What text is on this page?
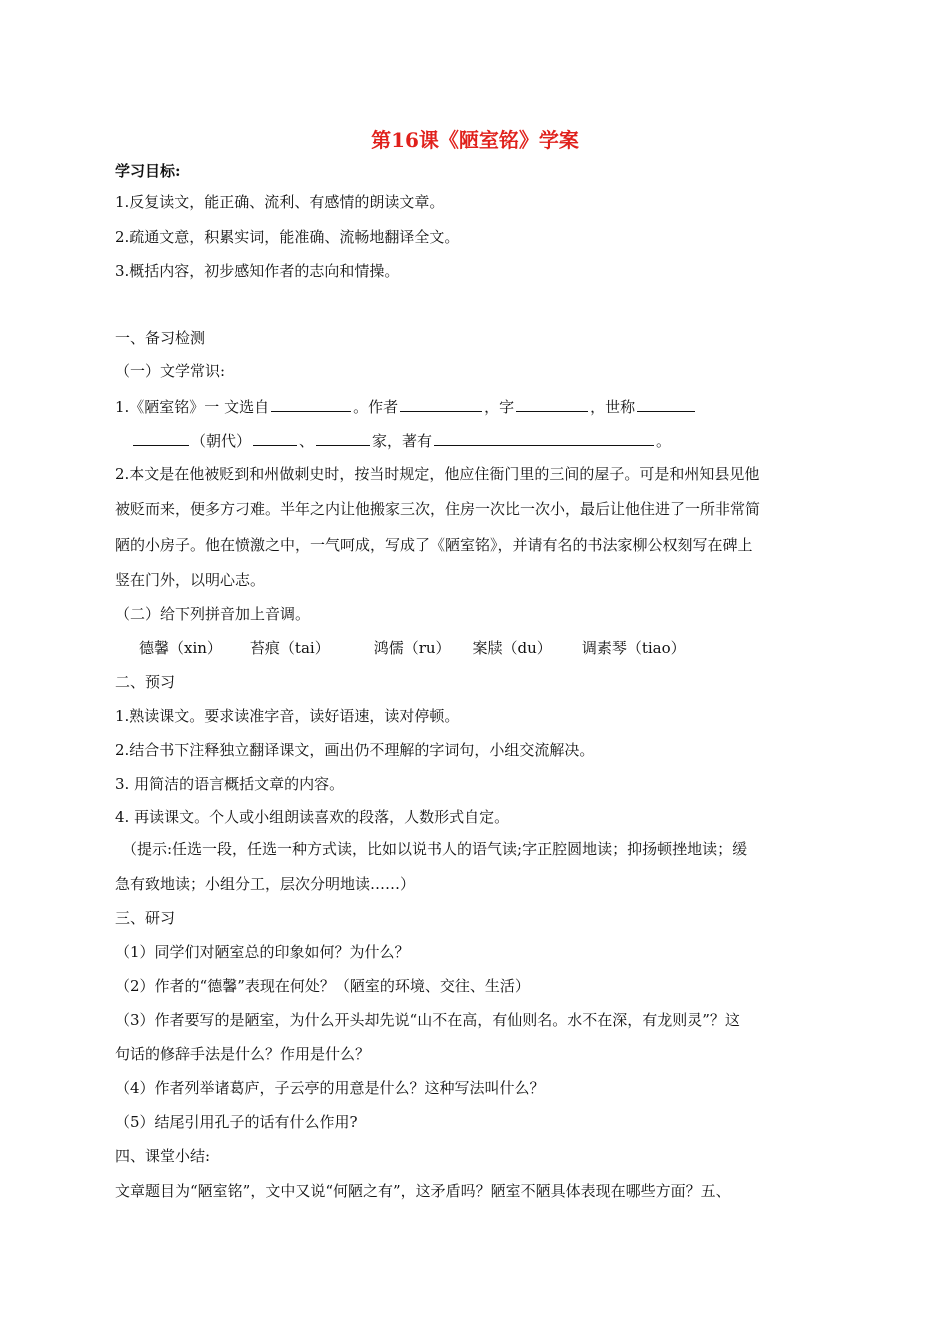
第16课《陋室铭》学案
学习目标:
1.反复读文，能正确、流利、有感情的朗读文章。
2.疏通文意，积累实词，能准确、流畅地翻译全文。
3.概括内容，初步感知作者的志向和情操。
一、备习检测
（一）文学常识:
1.《陋室铭》一 文选自	。作者	，字	，世称
（朝代）	、	家，著有	。
2.本文是在他被贬到和州做刺史时，按当时规定，他应住衙门里的三间的屋子。可是和州知县见他
被贬而来，便多方刁难。半年之内让他搬家三次，住房一次比一次小，最后让他住进了一所非常简
陋的小房子。他在愤激之中，一气呵成，写成了《陋室铭》，并请有名的书法家柳公权刻写在碑上
竖在门外，以明心志。
（二）给下列拼音加上音调。
德馨（xin） 苔痕（tai）	鸿儒（ru） 案牍（du） 调素琴（tiao）
二、预习
1.熟读课文。要求读准字音，读好语速，读对停顿。
2.结合书下注释独立翻译课文，画出仍不理解的字词句，小组交流解决。
3. 用简洁的语言概括文章的内容。
4. 再读课文。个人或小组朗读喜欢的段落，人数形式自定。
（提示:任选一段，任选一种方式读，比如以说书人的语气读;字正腔圆地读；抑扬顿挫地读；缓
急有致地读；小组分工，层次分明地读……）
三、研习
（1）同学们对陋室总的印象如何？为什么？
（2）作者的“德馨”表现在何处？（陋室的环境、交往、生活）
（3）作者要写的是陋室，为什么开头却先说“山不在高，有仙则名。水不在深，有龙则灵”？这
句话的修辞手法是什么？作用是什么？
（4）作者列举诸葛庐，子云亭的用意是什么？这种写法叫什么？
（5）结尾引用孔子的话有什么作用?
四、课堂小结:
文章题目为“陋室铭”，文中又说“何陋之有”，这矛盾吗？陋室不陋具体表现在哪些方面？五、
